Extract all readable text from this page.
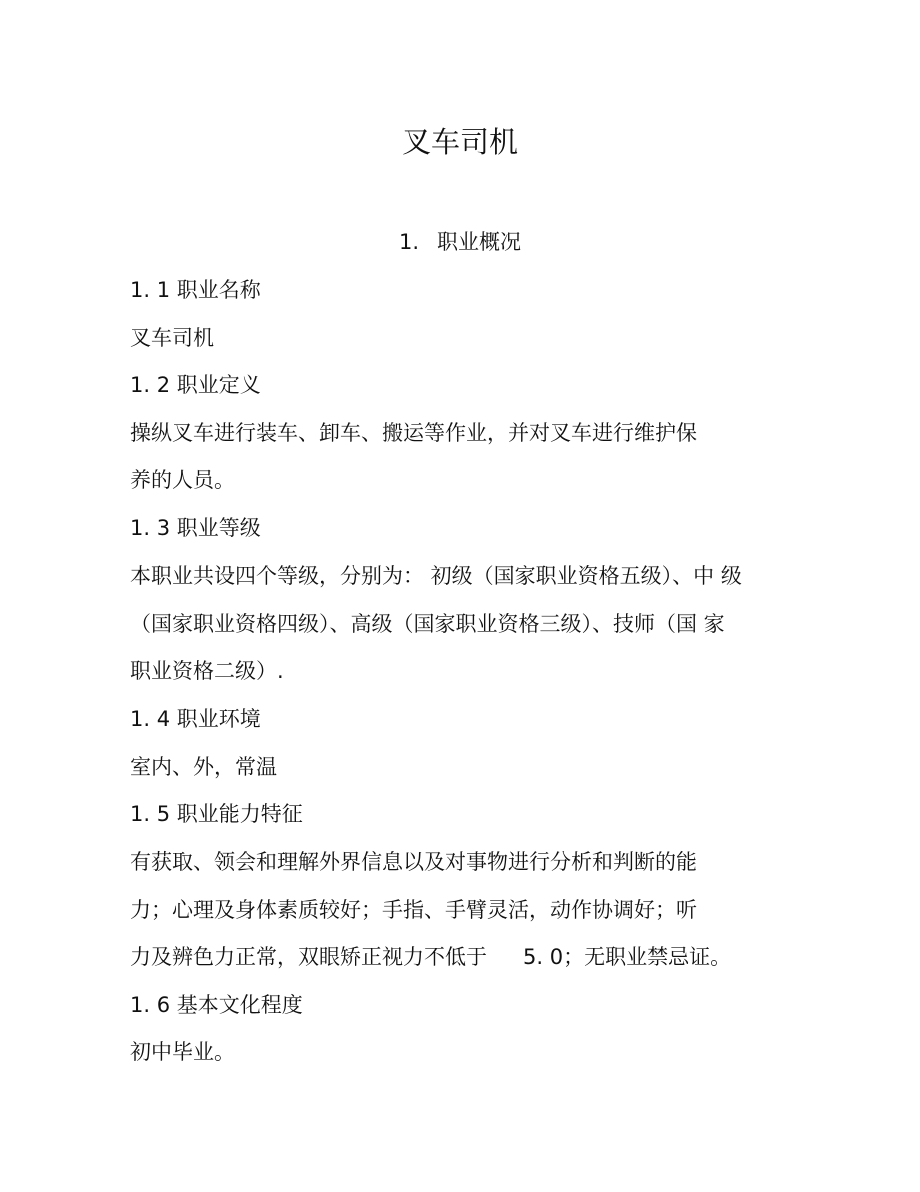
叉车司机
1. 职业概况
1. 1 职业名称
叉车司机
1. 2 职业定义
操纵叉车进行装车、卸车、搬运等作业，并对叉车进行维护保
养的人员。
1. 3 职业等级
本职业共设四个等级，分别为： 初级（国家职业资格五级）、中 级
（国家职业资格四级）、高级（国家职业资格三级）、技师（国 家
职业资格二级）.
1. 4 职业环境
室内、外，常温
1. 5 职业能力特征
有获取、领会和理解外界信息以及对事物进行分析和判断的能
力；心理及身体素质较好；手指、手臂灵活，动作协调好；听
力及辨色力正常，双眼矫正视力不低于 5. 0；无职业禁忌证。
1. 6 基本文化程度
初中毕业。
